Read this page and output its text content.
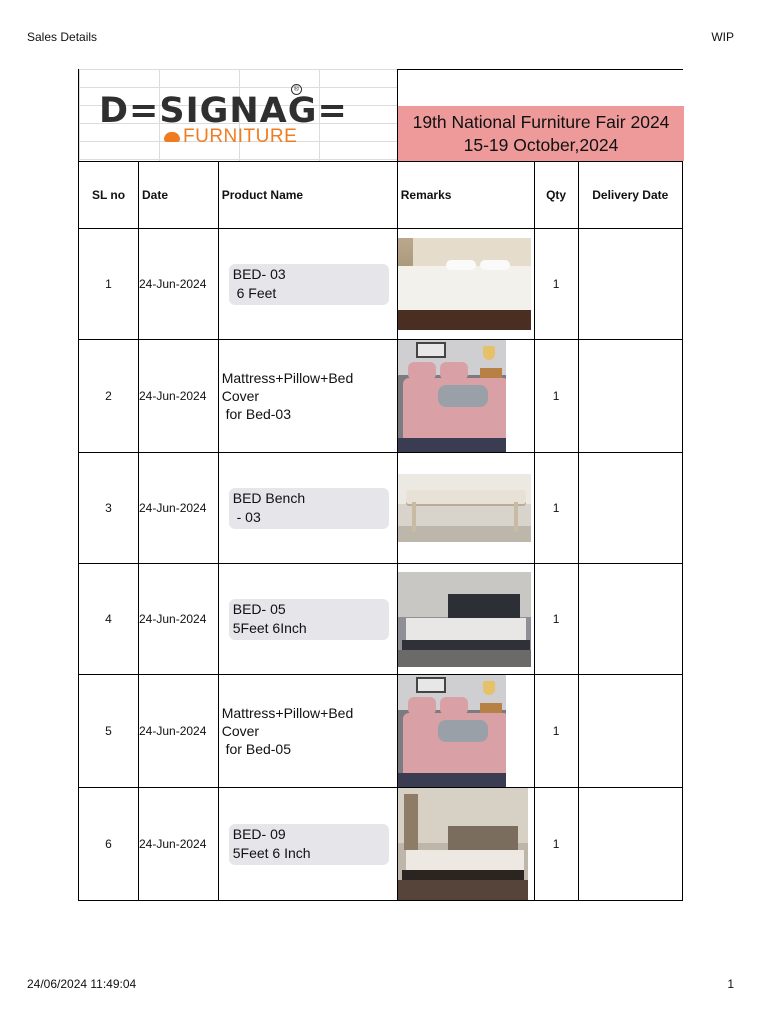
Sales Details	WIP
D=SIGNAG=
®
FURNITURE
19th National Furniture Fair 2024
15-19 October,2024
SL no	Date	Product Name	Remarks	Qty	Delivery Date
1	24-Jun-2024	BED- 03
6 Feet		1	
2	24-Jun-2024	Mattress+Pillow+Bed
Cover
for Bed-03		1	
3	24-Jun-2024	BED Bench
- 03		1	
4	24-Jun-2024	BED- 05
5Feet 6Inch		1	
5	24-Jun-2024	Mattress+Pillow+Bed
Cover
for Bed-05		1	
6	24-Jun-2024	BED- 09
5Feet 6 Inch		1	
24/06/2024 11:49:04	1
